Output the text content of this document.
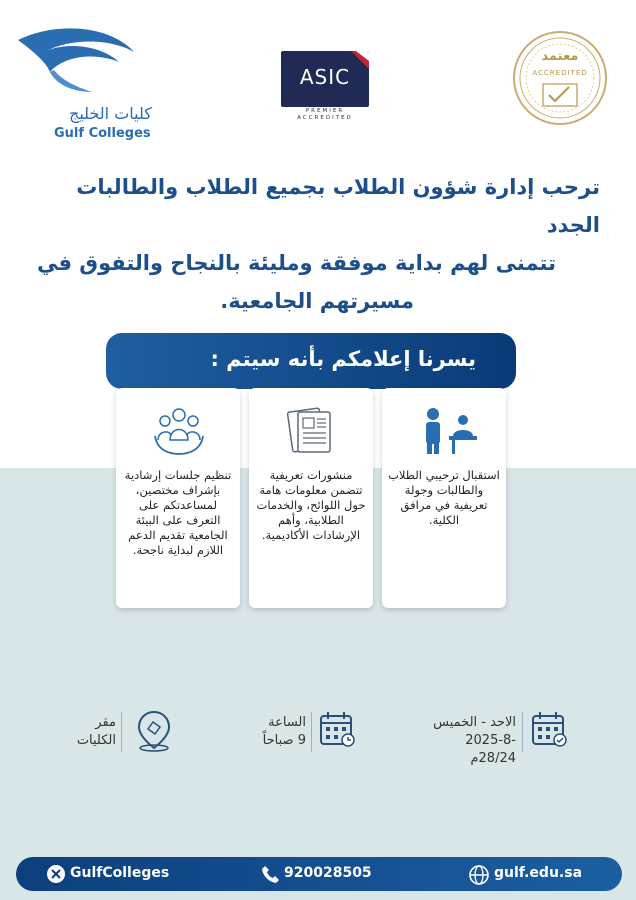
كليات الخليج
Gulf Colleges
ASIC
PREMIER
ACCREDITED
معتمد
ACCREDITED

ترحب إدارة شؤون الطلاب بجميع الطلاب والطالبات الجدد
تتمنى لهم بداية موفقة ومليئة بالنجاح والتفوق في
مسيرتهم الجامعية.

يسرنا إعلامكم بأنه سيتم :

استقبال ترحيبي الطلاب والطالبات وجولة تعريفية في مرافق الكلية.

منشورات تعريفية تتضمن معلومات هامة حول اللوائح، والخدمات الطلابية، وأهم الإرشادات الأكاديمية.

تنظيم جلسات إرشادية بإشراف مختصين، لمساعدتكم على التعرف على البيئة الجامعية تقديم الدعم اللازم لبداية ناجحة.

الاحد - الخميس
2025-8-28/24م
الساعة
9 صباحاً
مقر
الكليات
GulfColleges	920028505	gulf.edu.sa
